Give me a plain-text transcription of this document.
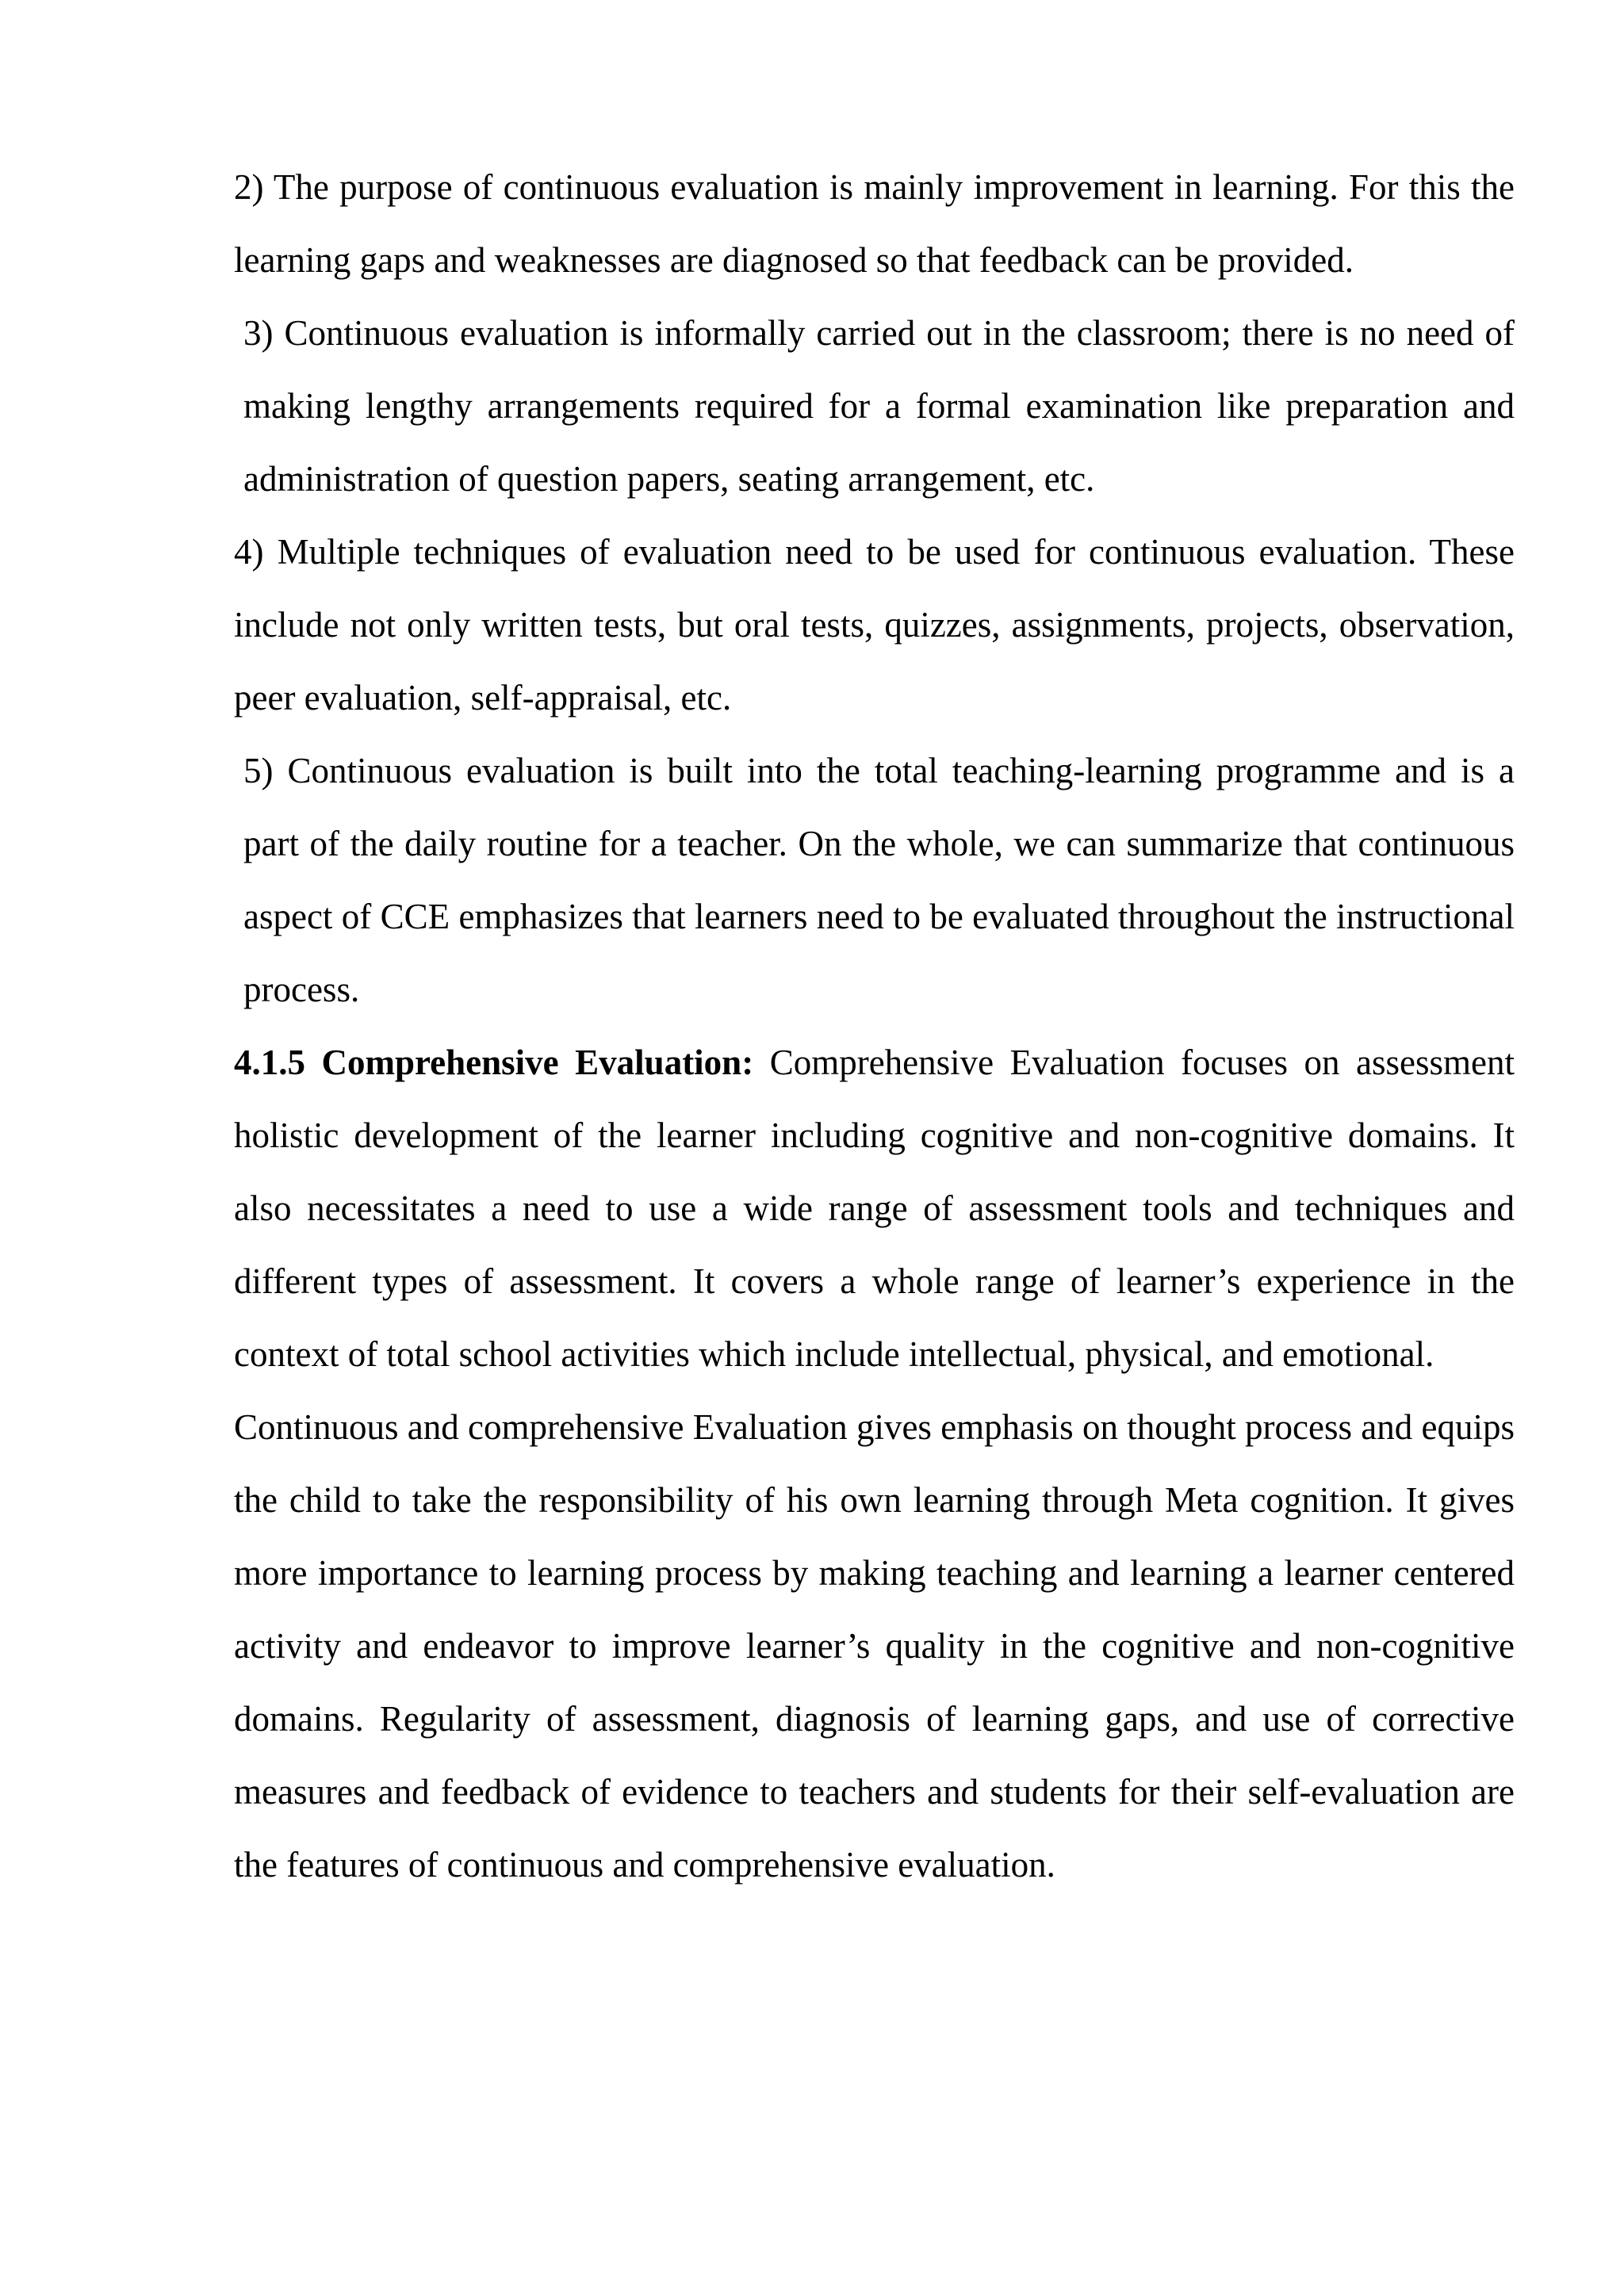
2) The purpose of continuous evaluation is mainly improvement in learning. For this the learning gaps and weaknesses are diagnosed so that feedback can be provided.

3) Continuous evaluation is informally carried out in the classroom; there is no need of making lengthy arrangements required for a formal examination like preparation and administration of question papers, seating arrangement, etc.

4) Multiple techniques of evaluation need to be used for continuous evaluation. These include not only written tests, but oral tests, quizzes, assignments, projects, observation, peer evaluation, self-appraisal, etc.

5) Continuous evaluation is built into the total teaching-learning programme and is a part of the daily routine for a teacher. On the whole, we can summarize that continuous aspect of CCE emphasizes that learners need to be evaluated throughout the instructional process.

4.1.5 Comprehensive Evaluation: Comprehensive Evaluation focuses on assessment holistic development of the learner including cognitive and non-cognitive domains. It also necessitates a need to use a wide range of assessment tools and techniques and different types of assessment. It covers a whole range of learner’s experience in the context of total school activities which include intellectual, physical, and emotional.

Continuous and comprehensive Evaluation gives emphasis on thought process and equips the child to take the responsibility of his own learning through Meta cognition. It gives more importance to learning process by making teaching and learning a learner centered activity and endeavor to improve learner’s quality in the cognitive and non-cognitive domains. Regularity of assessment, diagnosis of learning gaps, and use of corrective measures and feedback of evidence to teachers and students for their self-evaluation are the features of continuous and comprehensive evaluation.
